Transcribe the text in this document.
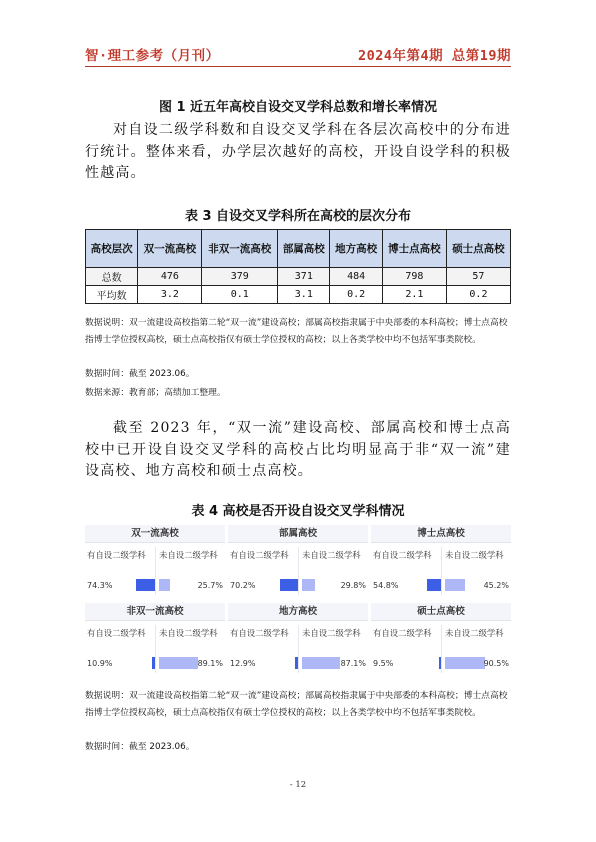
智·理工参考（月刊）	2024年第4期 总第19期
图 1 近五年高校自设交叉学科总数和增长率情况

对自设二级学科数和自设交叉学科在各层次高校中的分布进行统计。整体来看，办学层次越好的高校，开设自设学科的积极性越高。

表 3 自设交叉学科所在高校的层次分布
高校层次	双一流高校	非双一流高校	部属高校	地方高校	博士点高校	硕士点高校
总数	476	379	371	484	798	57
平均数	3.2	0.1	3.1	0.2	2.1	0.2

数据说明：双一流建设高校指第二轮“双一流”建设高校；部属高校指隶属于中央部委的本科高校；博士点高校指博士学位授权高校，硕士点高校指仅有硕士学位授权的高校；以上各类学校中均不包括军事类院校。

数据时间：截至 2023.06。

数据来源：教育部；高绩加工整理。

截至 2023 年，“双一流”建设高校、部属高校和博士点高校中已开设自设交叉学科的高校占比均明显高于非“双一流”建设高校、地方高校和硕士点高校。

表 4 高校是否开设自设交叉学科情况
双一流高校
有自设二级学科 未自设二级学科
74.3%	25.7%
部属高校
有自设二级学科 未自设二级学科
70.2%	29.8%
博士点高校
有自设二级学科 未自设二级学科
54.8%	45.2%
非双一流高校
有自设二级学科 未自设二级学科
10.9%	89.1%
地方高校
有自设二级学科 未自设二级学科
12.9%	87.1%
硕士点高校
有自设二级学科 未自设二级学科
9.5%	90.5%

数据说明：双一流建设高校指第二轮“双一流”建设高校；部属高校指隶属于中央部委的本科高校；博士点高校指博士学位授权高校，硕士点高校指仅有硕士学位授权的高校；以上各类学校中均不包括军事类院校。

数据时间：截至 2023.06。

- 12
